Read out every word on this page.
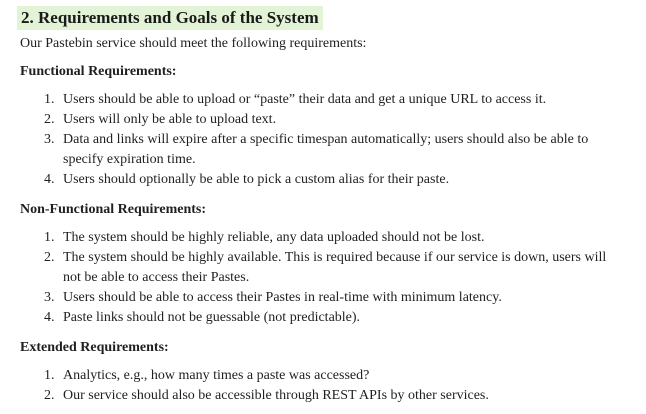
2. Requirements and Goals of the System
Our Pastebin service should meet the following requirements:
Functional Requirements:
1. Users should be able to upload or “paste” their data and get a unique URL to access it.
2. Users will only be able to upload text.
3. Data and links will expire after a specific timespan automatically; users should also be able to specify expiration time.
4. Users should optionally be able to pick a custom alias for their paste.
Non-Functional Requirements:
1. The system should be highly reliable, any data uploaded should not be lost.
2. The system should be highly available. This is required because if our service is down, users will not be able to access their Pastes.
3. Users should be able to access their Pastes in real-time with minimum latency.
4. Paste links should not be guessable (not predictable).
Extended Requirements:
1. Analytics, e.g., how many times a paste was accessed?
2. Our service should also be accessible through REST APIs by other services.
